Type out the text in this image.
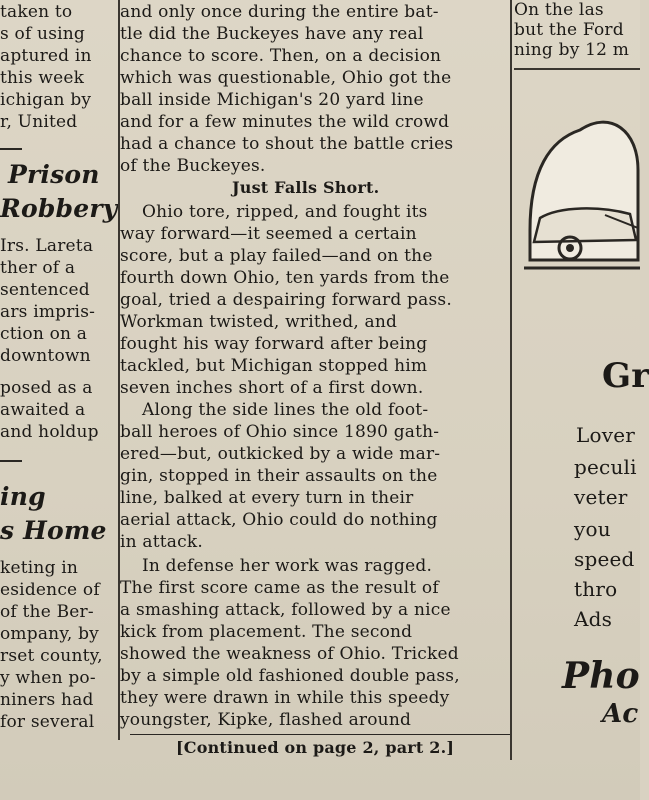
taken to
s of using
aptured in
this week
ichigan by
r, United
Prison
Robbery
Irs. Lareta
ther of a
sentenced
ars impris-
ction on a
downtown
posed as a
awaited a
and holdup
ing
s Home
keting in
esidence of
of the Ber-
ompany, by
rset county,
y when po-
niners had
for several
and only once during the entire bat-
tle did the Buckeyes have any real
chance to score. Then, on a decision
which was questionable, Ohio got the
ball inside Michigan's 20 yard line
and for a few minutes the wild crowd
had a chance to shout the battle cries
of the Buckeyes.
Just Falls Short.
Ohio tore, ripped, and fought its
way forward—it seemed a certain
score, but a play failed—and on the
fourth down Ohio, ten yards from the
goal, tried a despairing forward pass.
Workman twisted, writhed, and
fought his way forward after being
tackled, but Michigan stopped him
seven inches short of a first down.
Along the side lines the old foot-
ball heroes of Ohio since 1890 gath-
ered—but, outkicked by a wide mar-
gin, stopped in their assaults on the
line, balked at every turn in their
aerial attack, Ohio could do nothing
in attack.
In defense her work was ragged.
The first score came as the result of
a smashing attack, followed by a nice
kick from placement. The second
showed the weakness of Ohio. Tricked
by a simple old fashioned double pass,
they were drawn in while this speedy
youngster, Kipke, flashed around
[Continued on page 2, part 2.]
On the las
but the Ford
ning by 12 m
Gr
Lover
peculi
veter
you
speed
thro
Ads
Pho
Ac
